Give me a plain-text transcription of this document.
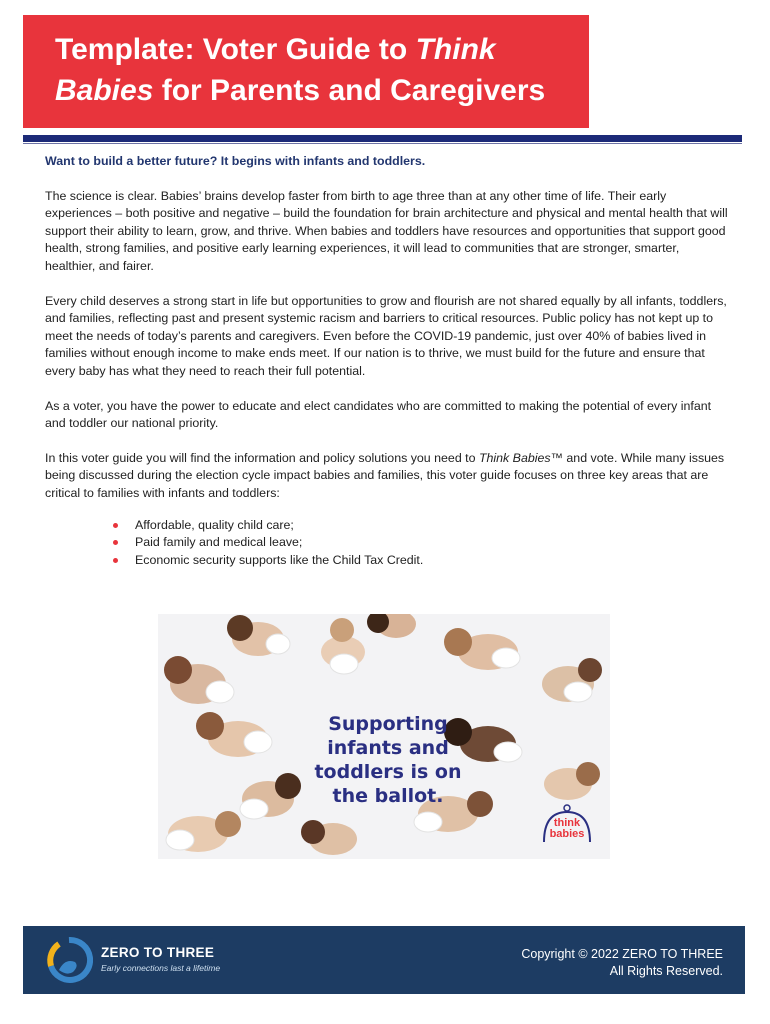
Template: Voter Guide to Think
Babies for Parents and Caregivers

Want to build a better future? It begins with infants and toddlers.

The science is clear. Babies’ brains develop faster from birth to age three than at any other time of life. Their early experiences – both positive and negative – build the foundation for brain architecture and physical and mental health that will support their ability to learn, grow, and thrive. When babies and toddlers have resources and opportunities that support good health, strong families, and positive early learning experiences, it will lead to communities that are stronger, smarter, healthier, and fairer.

Every child deserves a strong start in life but opportunities to grow and flourish are not shared equally by all infants, toddlers, and families, reflecting past and present systemic racism and barriers to critical resources. Public policy has not kept up to meet the needs of today’s parents and caregivers. Even before the COVID-19 pandemic, just over 40% of babies lived in families without enough income to make ends meet. If our nation is to thrive, we must build for the future and ensure that every baby has what they need to reach their full potential.

As a voter, you have the power to educate and elect candidates who are committed to making the potential of every infant and toddler our national priority.

In this voter guide you will find the information and policy solutions you need to Think Babies™ and vote. While many issues being discussed during the election cycle impact babies and families, this voter guide focuses on three key areas that are critical to families with infants and toddlers:

Affordable, quality child care;
Paid family and medical leave;
Economic security supports like the Child Tax Credit.
Supporting
infants and
toddlers is on
the ballot.
think
babies
ZERO TO THREE
Early connections last a lifetime
Copyright © 2022 ZERO TO THREE
All Rights Reserved.
